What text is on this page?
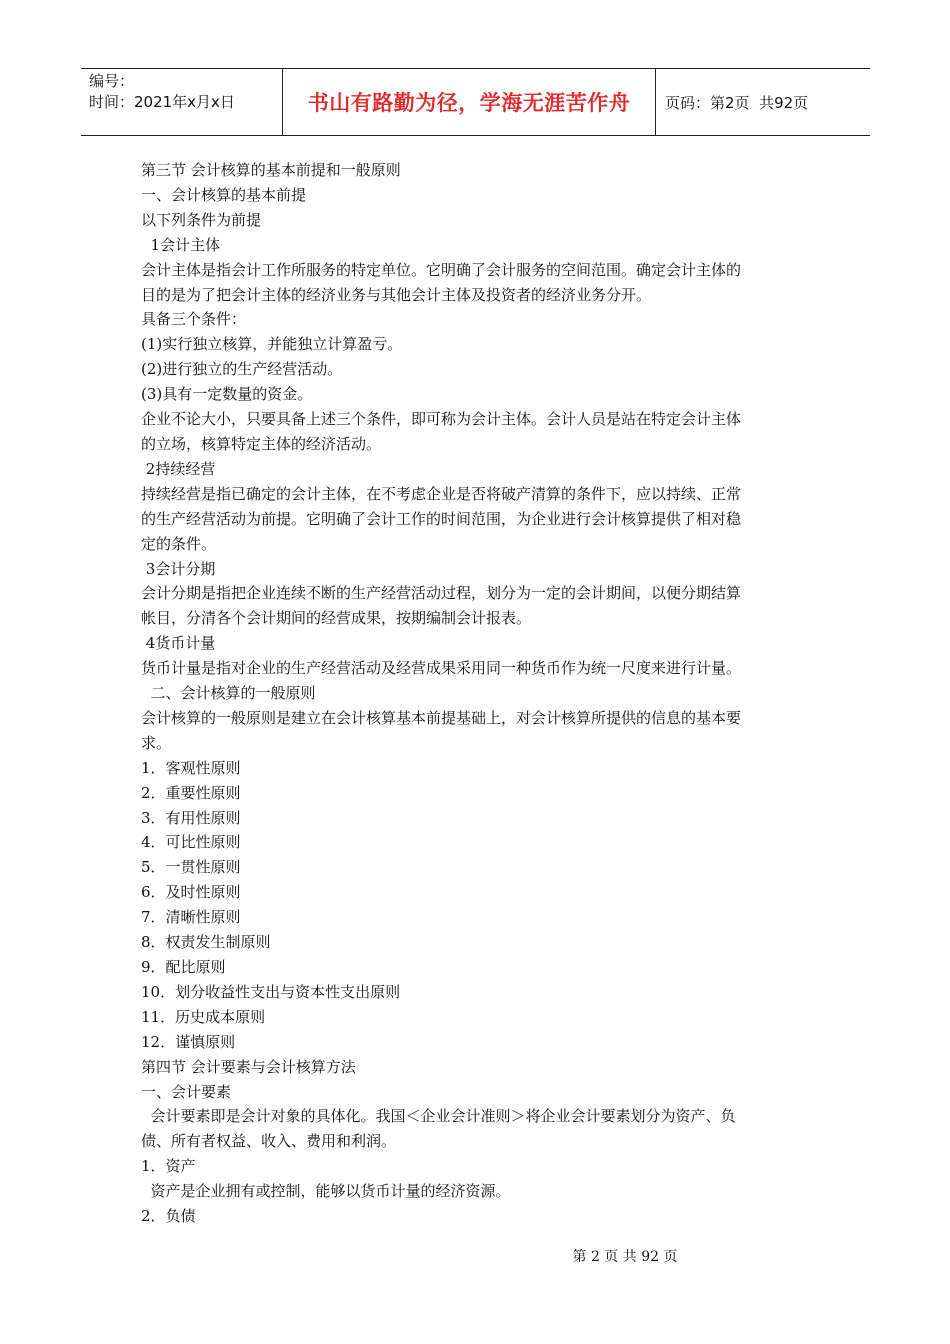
编号：
时间：2021年x月x日	书山有路勤为径，学海无涯苦作舟 页码：第2页  共92页

第三节 会计核算的基本前提和一般原则

一、会计核算的基本前提

以下列条件为前提

1会计主体

会计主体是指会计工作所服务的特定单位。它明确了会计服务的空间范围。确定会计主体的

目的是为了把会计主体的经济业务与其他会计主体及投资者的经济业务分开。

具备三个条件：

(1)实行独立核算，并能独立计算盈亏。

(2)进行独立的生产经营活动。

(3)具有一定数量的资金。

企业不论大小，只要具备上述三个条件，即可称为会计主体。会计人员是站在特定会计主体

的立场，核算特定主体的经济活动。

2持续经营

持续经营是指已确定的会计主体，在不考虑企业是否将破产清算的条件下，应以持续、正常

的生产经营活动为前提。它明确了会计工作的时间范围，为企业进行会计核算提供了相对稳

定的条件。

3会计分期

会计分期是指把企业连续不断的生产经营活动过程，划分为一定的会计期间，以便分期结算

帐目，分清各个会计期间的经营成果，按期编制会计报表。

4货币计量

货币计量是指对企业的生产经营活动及经营成果采用同一种货币作为统一尺度来进行计量。

二、会计核算的一般原则

会计核算的一般原则是建立在会计核算基本前提基础上，对会计核算所提供的信息的基本要

求。

1．客观性原则

2．重要性原则

3．有用性原则

4．可比性原则

5．一贯性原则

6．及时性原则

7．清晰性原则

8．权责发生制原则

9．配比原则

10．划分收益性支出与资本性支出原则

11．历史成本原则

12．谨慎原则

第四节 会计要素与会计核算方法

一、会计要素

会计要素即是会计对象的具体化。我国＜企业会计准则＞将企业会计要素划分为资产、负

债、所有者权益、收入、费用和利润。

1．资产

资产是企业拥有或控制，能够以货币计量的经济资源。

2．负债

第 2 页 共 92 页
